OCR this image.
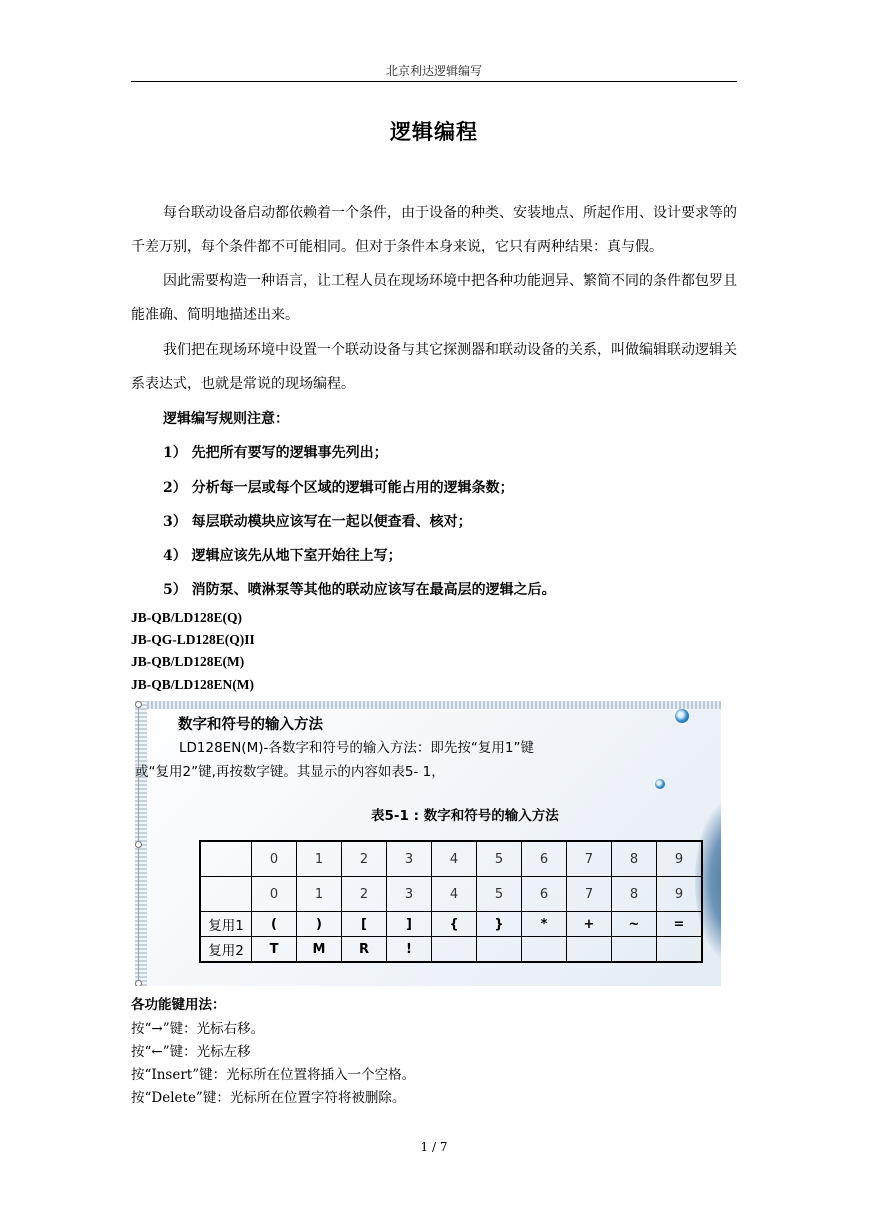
北京利达逻辑编写
逻辑编程
每台联动设备启动都依赖着一个条件，由于设备的种类、安装地点、所起作用、设计要求等的千差万别，每个条件都不可能相同。但对于条件本身来说，它只有两种结果：真与假。
因此需要构造一种语言，让工程人员在现场环境中把各种功能迥异、繁简不同的条件都包罗且能准确、简明地描述出来。
我们把在现场环境中设置一个联动设备与其它探测器和联动设备的关系，叫做编辑联动逻辑关系表达式，也就是常说的现场编程。
逻辑编写规则注意：
1） 先把所有要写的逻辑事先列出；
2） 分析每一层或每个区域的逻辑可能占用的逻辑条数；
3） 每层联动模块应该写在一起以便查看、核对；
4） 逻辑应该先从地下室开始往上写；
5） 消防泵、喷淋泵等其他的联动应该写在最高层的逻辑之后。
JB-QB/LD128E(Q)
JB-QG-LD128E(Q)II
JB-QB/LD128E(M)
JB-QB/LD128EN(M)
数字和符号的输入方法
LD128EN(M)-各数字和符号的输入方法：即先按“复用1”键
或“复用2”键,再按数字键。其显示的内容如表5- 1，
表5-1 : 数字和符号的输入方法
	0	1	2	3	4	5	6	7	8	9
	0	1	2	3	4	5	6	7	8	9
复用1	(	)	[	]	{	}	*	+	~	=
复用2	T	M	R	!						
各功能键用法：
按“→”键：光标右移。
按“←”键：光标左移
按“Insert”键：光标所在位置将插入一个空格。
按“Delete”键：光标所在位置字符将被删除。
1 / 7
